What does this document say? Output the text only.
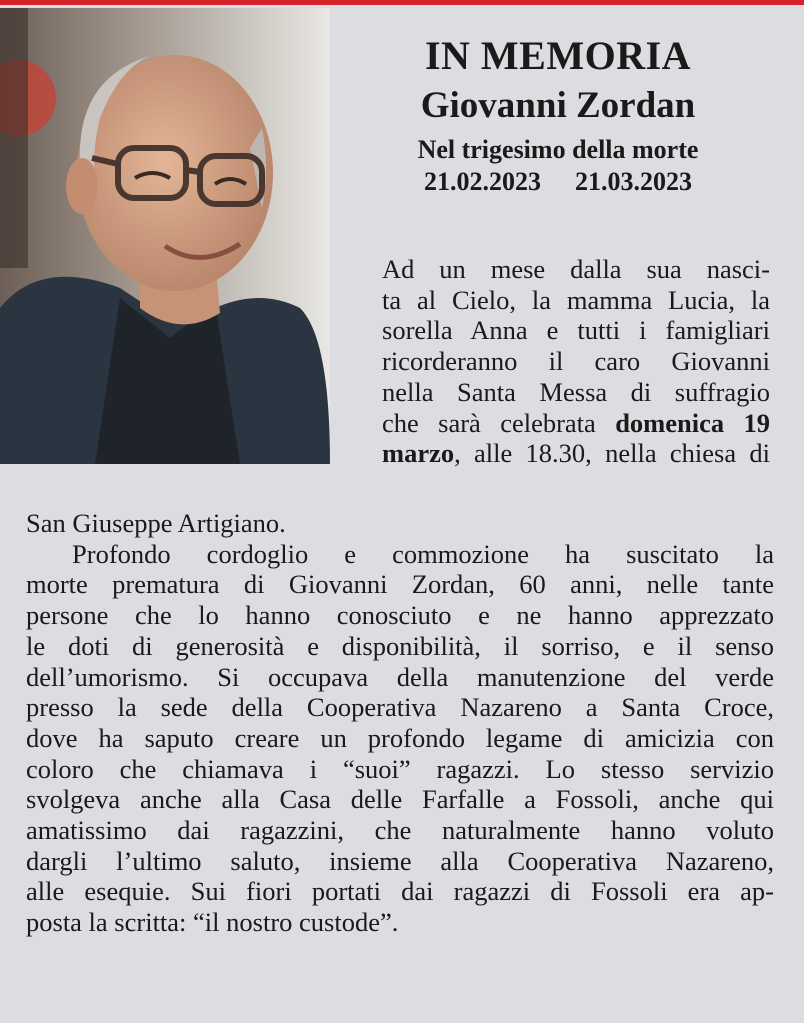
IN MEMORIA
Giovanni Zordan
Nel trigesimo della morte
21.02.2023 21.03.2023
Ad un mese dalla sua nasci-
ta al Cielo, la mamma Lucia, la
sorella Anna e tutti i famigliari
ricorderanno il caro Giovanni
nella Santa Messa di suffragio
che sarà celebrata domenica 19
marzo, alle 18.30, nella chiesa di
San Giuseppe Artigiano.
Profondo cordoglio e commozione ha suscitato la
morte prematura di Giovanni Zordan, 60 anni, nelle tante
persone che lo hanno conosciuto e ne hanno apprezzato
le doti di generosità e disponibilità, il sorriso, e il senso
dell’umorismo. Si occupava della manutenzione del verde
presso la sede della Cooperativa Nazareno a Santa Croce,
dove ha saputo creare un profondo legame di amicizia con
coloro che chiamava i “suoi” ragazzi. Lo stesso servizio
svolgeva anche alla Casa delle Farfalle a Fossoli, anche qui
amatissimo dai ragazzini, che naturalmente hanno voluto
dargli l’ultimo saluto, insieme alla Cooperativa Nazareno,
alle esequie. Sui fiori portati dai ragazzi di Fossoli era ap-
posta la scritta: “il nostro custode”.
